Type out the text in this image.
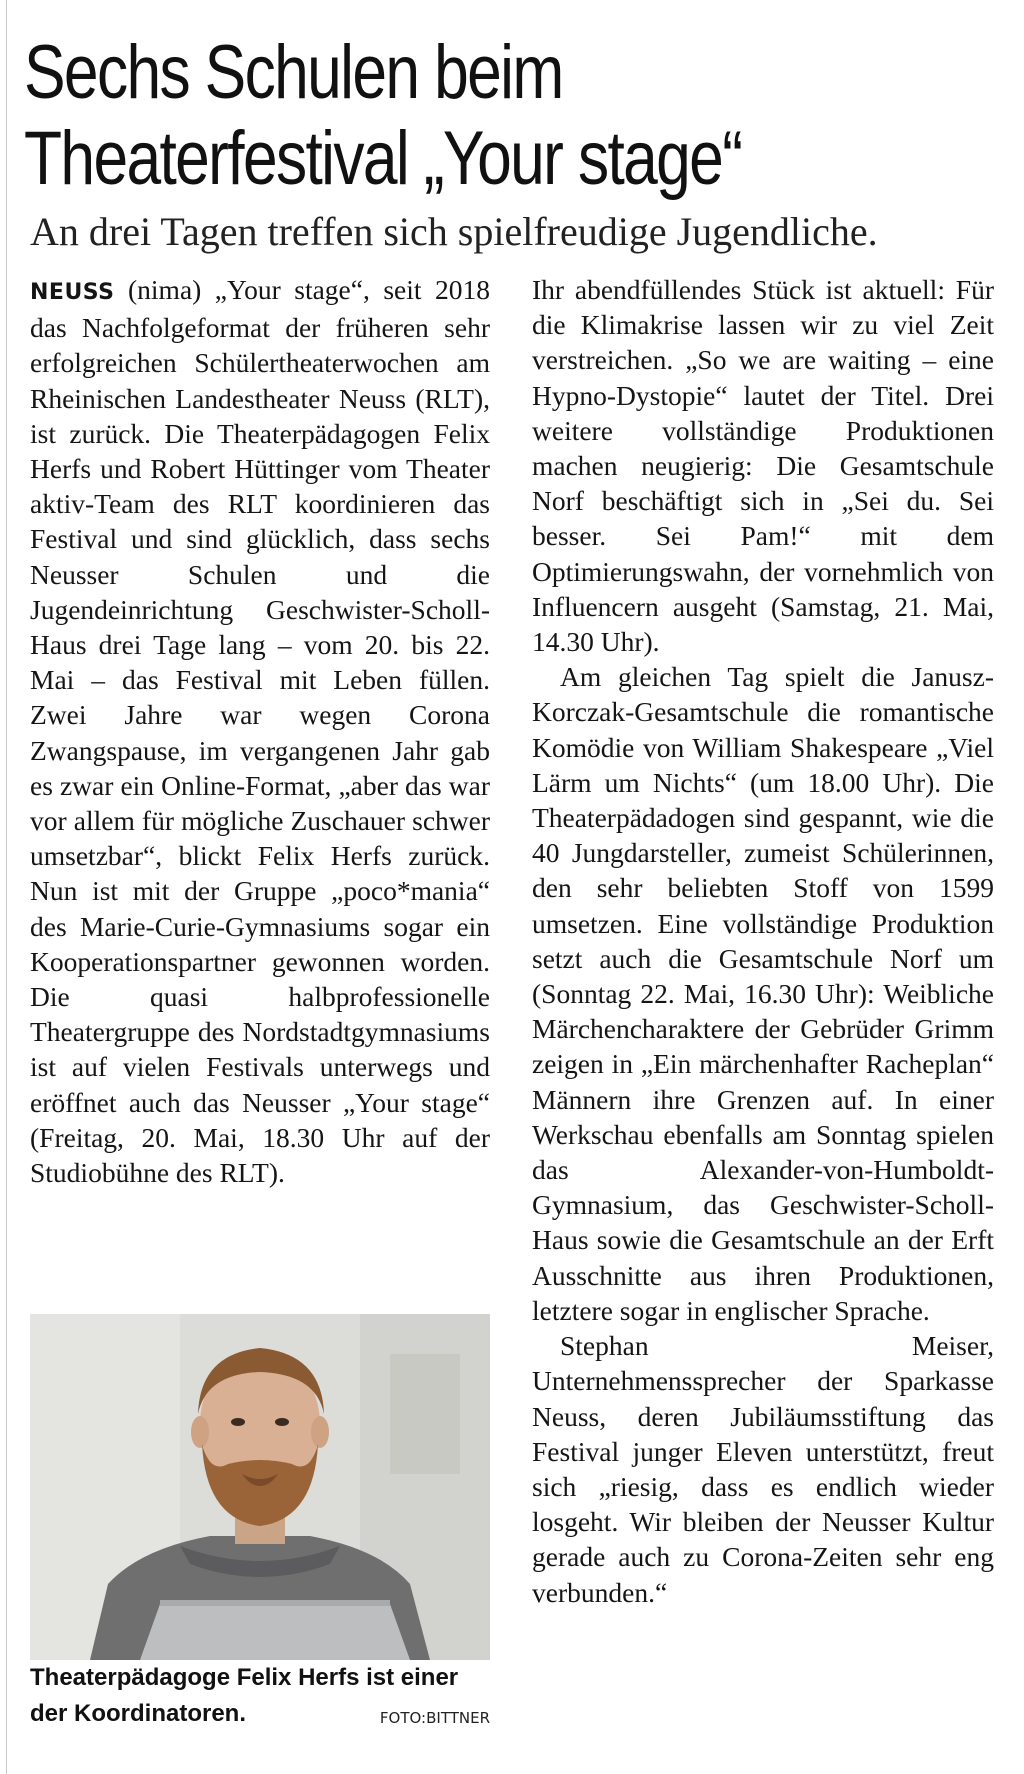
Sechs Schulen beim
Theaterfestival „Your stage“
An drei Tagen treffen sich spielfreudige Jugendliche.

NEUSS (nima) „Your stage“, seit 2018 das Nachfolgeformat der früheren sehr erfolgreichen Schülertheaterwochen am Rheinischen Landestheater Neuss (RLT), ist zurück. Die Theaterpädagogen Felix Herfs und Robert Hüttinger vom Theater aktiv-Team des RLT koordinieren das Festival und sind glücklich, dass sechs Neusser Schulen und die Jugendeinrichtung Geschwister-Scholl-Haus drei Tage lang – vom 20. bis 22. Mai – das Festival mit Leben füllen. Zwei Jahre war wegen Corona Zwangspause, im vergangenen Jahr gab es zwar ein Online-Format, „aber das war vor allem für mögliche Zuschauer schwer umsetzbar“, blickt Felix Herfs zurück. Nun ist mit der Gruppe „poco*mania“ des Marie-Curie-Gymnasiums sogar ein Kooperationspartner gewonnen worden. Die quasi halbprofessionelle Theatergruppe des Nordstadtgymnasiums ist auf vielen Festivals unterwegs und eröffnet auch das Neusser „Your stage“ (Freitag, 20. Mai, 18.30 Uhr auf der Studiobühne des RLT).

Theaterpädagoge Felix Herfs ist einer der Koordinatoren.	FOTO:BITTNER

Ihr abendfüllendes Stück ist aktuell: Für die Klimakrise lassen wir zu viel Zeit verstreichen. „So we are waiting – eine Hypno-Dystopie“ lautet der Titel. Drei weitere vollständige Produktionen machen neugierig: Die Gesamtschule Norf beschäftigt sich in „Sei du. Sei besser. Sei Pam!“ mit dem Optimierungswahn, der vornehmlich von Influencern ausgeht (Samstag, 21. Mai, 14.30 Uhr).

Am gleichen Tag spielt die Janusz-Korczak-Gesamtschule die romantische Komödie von William Shakespeare „Viel Lärm um Nichts“ (um 18.00 Uhr). Die Theaterpädadogen sind gespannt, wie die 40 Jungdarsteller, zumeist Schülerinnen, den sehr beliebten Stoff von 1599 umsetzen. Eine vollständige Produktion setzt auch die Gesamtschule Norf um (Sonntag 22. Mai, 16.30 Uhr): Weibliche Märchencharaktere der Gebrüder Grimm zeigen in „Ein märchenhafter Racheplan“ Männern ihre Grenzen auf. In einer Werkschau ebenfalls am Sonntag spielen das Alexander-von-Humboldt-Gymnasium, das Geschwister-Scholl-Haus sowie die Gesamtschule an der Erft Ausschnitte aus ihren Produktionen, letztere sogar in englischer Sprache.

Stephan Meiser, Unternehmenssprecher der Sparkasse Neuss, deren Jubiläumsstiftung das Festival junger Eleven unterstützt, freut sich „riesig, dass es endlich wieder losgeht. Wir bleiben der Neusser Kultur gerade auch zu Corona-Zeiten sehr eng verbunden.“
